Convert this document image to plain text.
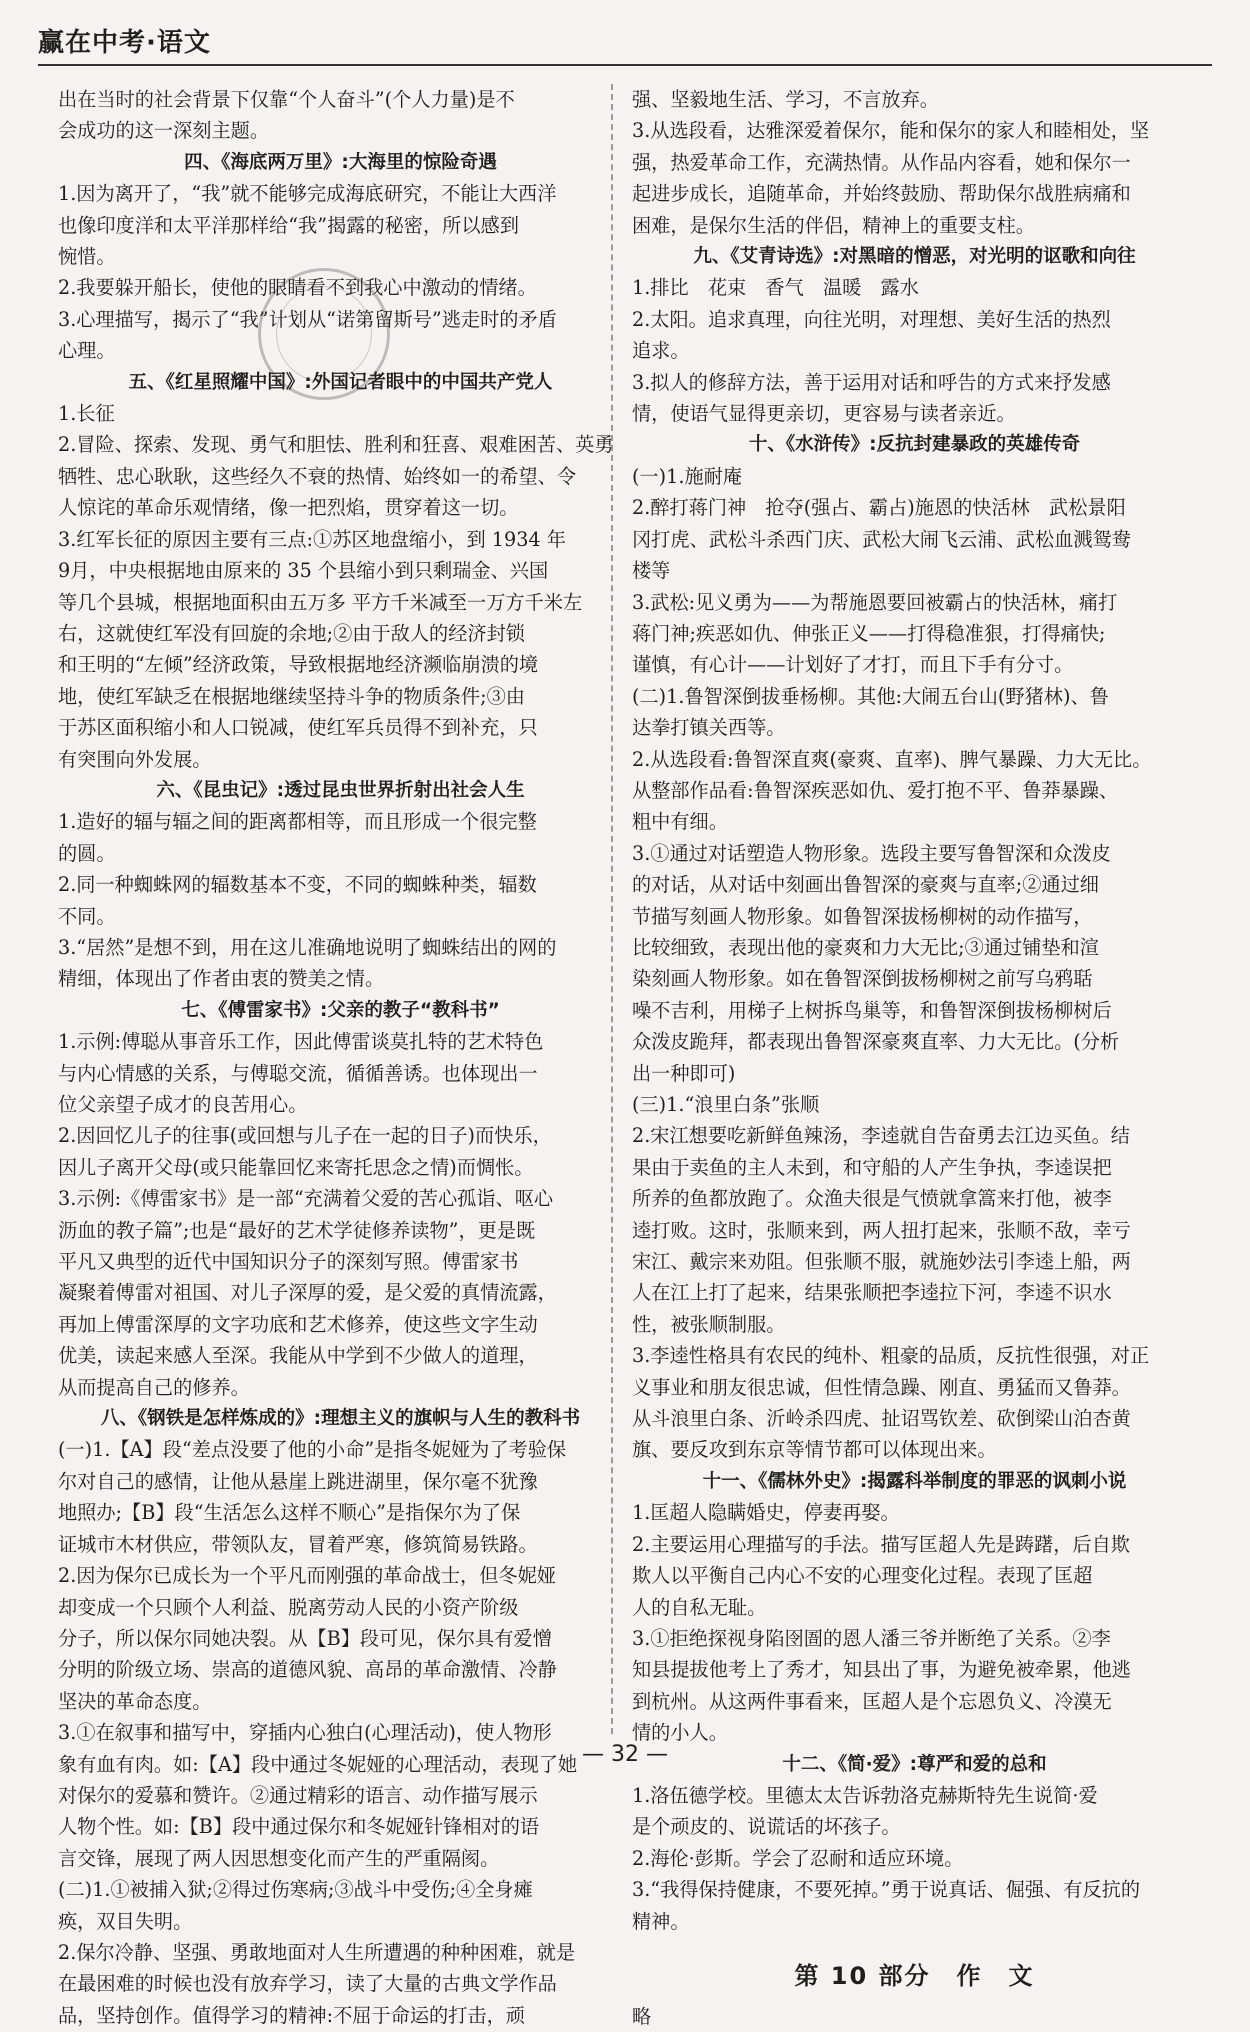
赢在中考·语文
出在当时的社会背景下仅靠“个人奋斗”(个人力量)是不
会成功的这一深刻主题。
四、《海底两万里》:大海里的惊险奇遇
1.因为离开了，“我”就不能够完成海底研究，不能让大西洋
也像印度洋和太平洋那样给“我”揭露的秘密，所以感到
惋惜。
2.我要躲开船长，使他的眼睛看不到我心中激动的情绪。
3.心理描写，揭示了“我”计划从“诺第留斯号”逃走时的矛盾
心理。
五、《红星照耀中国》:外国记者眼中的中国共产党人
1.长征
2.冒险、探索、发现、勇气和胆怯、胜利和狂喜、艰难困苦、英勇
牺牲、忠心耿耿，这些经久不衰的热情、始终如一的希望、令
人惊诧的革命乐观情绪，像一把烈焰，贯穿着这一切。
3.红军长征的原因主要有三点:①苏区地盘缩小，到 1934 年
9月，中央根据地由原来的 35 个县缩小到只剩瑞金、兴国
等几个县城，根据地面积由五万多 平方千米减至一万方千米左
右，这就使红军没有回旋的余地;②由于敌人的经济封锁
和王明的“左倾”经济政策，导致根据地经济濒临崩溃的境
地，使红军缺乏在根据地继续坚持斗争的物质条件;③由
于苏区面积缩小和人口锐减，使红军兵员得不到补充，只
有突围向外发展。
六、《昆虫记》:透过昆虫世界折射出社会人生
1.造好的辐与辐之间的距离都相等，而且形成一个很完整
的圆。
2.同一种蜘蛛网的辐数基本不变，不同的蜘蛛种类，辐数
不同。
3.“居然”是想不到，用在这儿准确地说明了蜘蛛结出的网的
精细，体现出了作者由衷的赞美之情。
七、《傅雷家书》:父亲的教子“教科书”
1.示例:傅聪从事音乐工作，因此傅雷谈莫扎特的艺术特色
与内心情感的关系，与傅聪交流，循循善诱。也体现出一
位父亲望子成才的良苦用心。
2.因回忆儿子的往事(或回想与儿子在一起的日子)而快乐，
因儿子离开父母(或只能靠回忆来寄托思念之情)而惆怅。
3.示例:《傅雷家书》是一部“充满着父爱的苦心孤诣、呕心
沥血的教子篇”;也是“最好的艺术学徒修养读物”，更是既
平凡又典型的近代中国知识分子的深刻写照。傅雷家书
凝聚着傅雷对祖国、对儿子深厚的爱，是父爱的真情流露，
再加上傅雷深厚的文字功底和艺术修养，使这些文字生动
优美，读起来感人至深。我能从中学到不少做人的道理，
从而提高自己的修养。
八、《钢铁是怎样炼成的》:理想主义的旗帜与人生的教科书
(一)1.【A】段“差点没要了他的小命”是指冬妮娅为了考验保
尔对自己的感情，让他从悬崖上跳进湖里，保尔毫不犹豫
地照办;【B】段“生活怎么这样不顺心”是指保尔为了保
证城市木材供应，带领队友，冒着严寒，修筑简易铁路。
2.因为保尔已成长为一个平凡而刚强的革命战士，但冬妮娅
却变成一个只顾个人利益、脱离劳动人民的小资产阶级
分子，所以保尔同她决裂。从【B】段可见，保尔具有爱憎
分明的阶级立场、崇高的道德风貌、高昂的革命激情、冷静
坚决的革命态度。
3.①在叙事和描写中，穿插内心独白(心理活动)，使人物形
象有血有肉。如:【A】段中通过冬妮娅的心理活动，表现了她
对保尔的爱慕和赞许。②通过精彩的语言、动作描写展示
人物个性。如:【B】段中通过保尔和冬妮娅针锋相对的语
言交锋，展现了两人因思想变化而产生的严重隔阂。
(二)1.①被捕入狱;②得过伤寒病;③战斗中受伤;④全身瘫
痪，双目失明。
2.保尔冷静、坚强、勇敢地面对人生所遭遇的种种困难，就是
在最困难的时候也没有放弃学习，读了大量的古典文学作品
品，坚持创作。值得学习的精神:不屈于命运的打击，顽
强、坚毅地生活、学习，不言放弃。
3.从选段看，达雅深爱着保尔，能和保尔的家人和睦相处，坚
强，热爱革命工作，充满热情。从作品内容看，她和保尔一
起进步成长，追随革命，并始终鼓励、帮助保尔战胜病痛和
困难，是保尔生活的伴侣，精神上的重要支柱。
九、《艾青诗选》:对黑暗的憎恶，对光明的讴歌和向往
1.排比　花束　香气　温暖　露水
2.太阳。追求真理，向往光明，对理想、美好生活的热烈
追求。
3.拟人的修辞方法，善于运用对话和呼告的方式来抒发感
情，使语气显得更亲切，更容易与读者亲近。
十、《水浒传》:反抗封建暴政的英雄传奇
(一)1.施耐庵
2.醉打蒋门神　抢夺(强占、霸占)施恩的快活林　武松景阳
冈打虎、武松斗杀西门庆、武松大闹飞云浦、武松血溅鸳鸯
楼等
3.武松:见义勇为——为帮施恩要回被霸占的快活林，痛打
蒋门神;疾恶如仇、伸张正义——打得稳准狠，打得痛快;
谨慎，有心计——计划好了才打，而且下手有分寸。
(二)1.鲁智深倒拔垂杨柳。其他:大闹五台山(野猪林)、鲁
达拳打镇关西等。
2.从选段看:鲁智深直爽(豪爽、直率)、脾气暴躁、力大无比。
从整部作品看:鲁智深疾恶如仇、爱打抱不平、鲁莽暴躁、
粗中有细。
3.①通过对话塑造人物形象。选段主要写鲁智深和众泼皮
的对话，从对话中刻画出鲁智深的豪爽与直率;②通过细
节描写刻画人物形象。如鲁智深拔杨柳树的动作描写，
比较细致，表现出他的豪爽和力大无比;③通过铺垫和渲
染刻画人物形象。如在鲁智深倒拔杨柳树之前写乌鸦聒
噪不吉利，用梯子上树拆鸟巢等，和鲁智深倒拔杨柳树后
众泼皮跪拜，都表现出鲁智深豪爽直率、力大无比。(分析
出一种即可)
(三)1.“浪里白条”张顺
2.宋江想要吃新鲜鱼辣汤，李逵就自告奋勇去江边买鱼。结
果由于卖鱼的主人未到，和守船的人产生争执，李逵误把
所养的鱼都放跑了。众渔夫很是气愤就拿篙来打他，被李
逵打败。这时，张顺来到，两人扭打起来，张顺不敌，幸亏
宋江、戴宗来劝阻。但张顺不服，就施妙法引李逵上船，两
人在江上打了起来，结果张顺把李逵拉下河，李逵不识水
性，被张顺制服。
3.李逵性格具有农民的纯朴、粗豪的品质，反抗性很强，对正
义事业和朋友很忠诚，但性情急躁、刚直、勇猛而又鲁莽。
从斗浪里白条、沂岭杀四虎、扯诏骂钦差、砍倒梁山泊杏黄
旗、要反攻到东京等情节都可以体现出来。
十一、《儒林外史》:揭露科举制度的罪恶的讽刺小说
1.匡超人隐瞒婚史，停妻再娶。
2.主要运用心理描写的手法。描写匡超人先是踌躇，后自欺
欺人以平衡自己内心不安的心理变化过程。表现了匡超
人的自私无耻。
3.①拒绝探视身陷囹圄的恩人潘三爷并断绝了关系。②李
知县提拔他考上了秀才，知县出了事，为避免被牵累，他逃
到杭州。从这两件事看来，匡超人是个忘恩负义、冷漠无
情的小人。
十二、《简·爱》:尊严和爱的总和
1.洛伍德学校。里德太太告诉勃洛克赫斯特先生说简·爱
是个顽皮的、说谎话的坏孩子。
2.海伦·彭斯。学会了忍耐和适应环境。
3.“我得保持健康，不要死掉。”勇于说真话、倔强、有反抗的
精神。
第 10 部分　作　文
略
— 32 —
